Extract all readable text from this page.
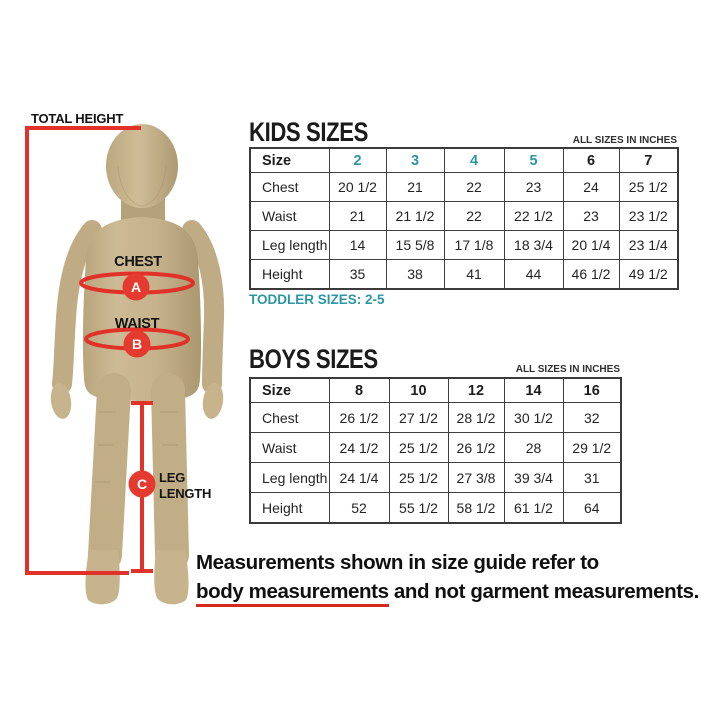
A
B
C
TOTAL HEIGHT
CHEST
WAIST
LEG
LENGTH
KIDS SIZES	ALL SIZES IN INCHES
Size	2	3	4	5	6	7
Chest	20 1/2	21	22	23	24	25 1/2
Waist	21	21 1/2	22	22 1/2	23	23 1/2
Leg length	14	15 5/8	17 1/8	18 3/4	20 1/4	23 1/4
Height	35	38	41	44	46 1/2	49 1/2
TODDLER SIZES: 2-5
BOYS SIZES	ALL SIZES IN INCHES
Size	8	10	12	14	16
Chest	26 1/2	27 1/2	28 1/2	30 1/2	32
Waist	24 1/2	25 1/2	26 1/2	28	29 1/2
Leg length	24 1/4	25 1/2	27 3/8	39 3/4	31
Height	52	55 1/2	58 1/2	61 1/2	64
Measurements shown in size guide refer to
body measurements and not garment measurements.
